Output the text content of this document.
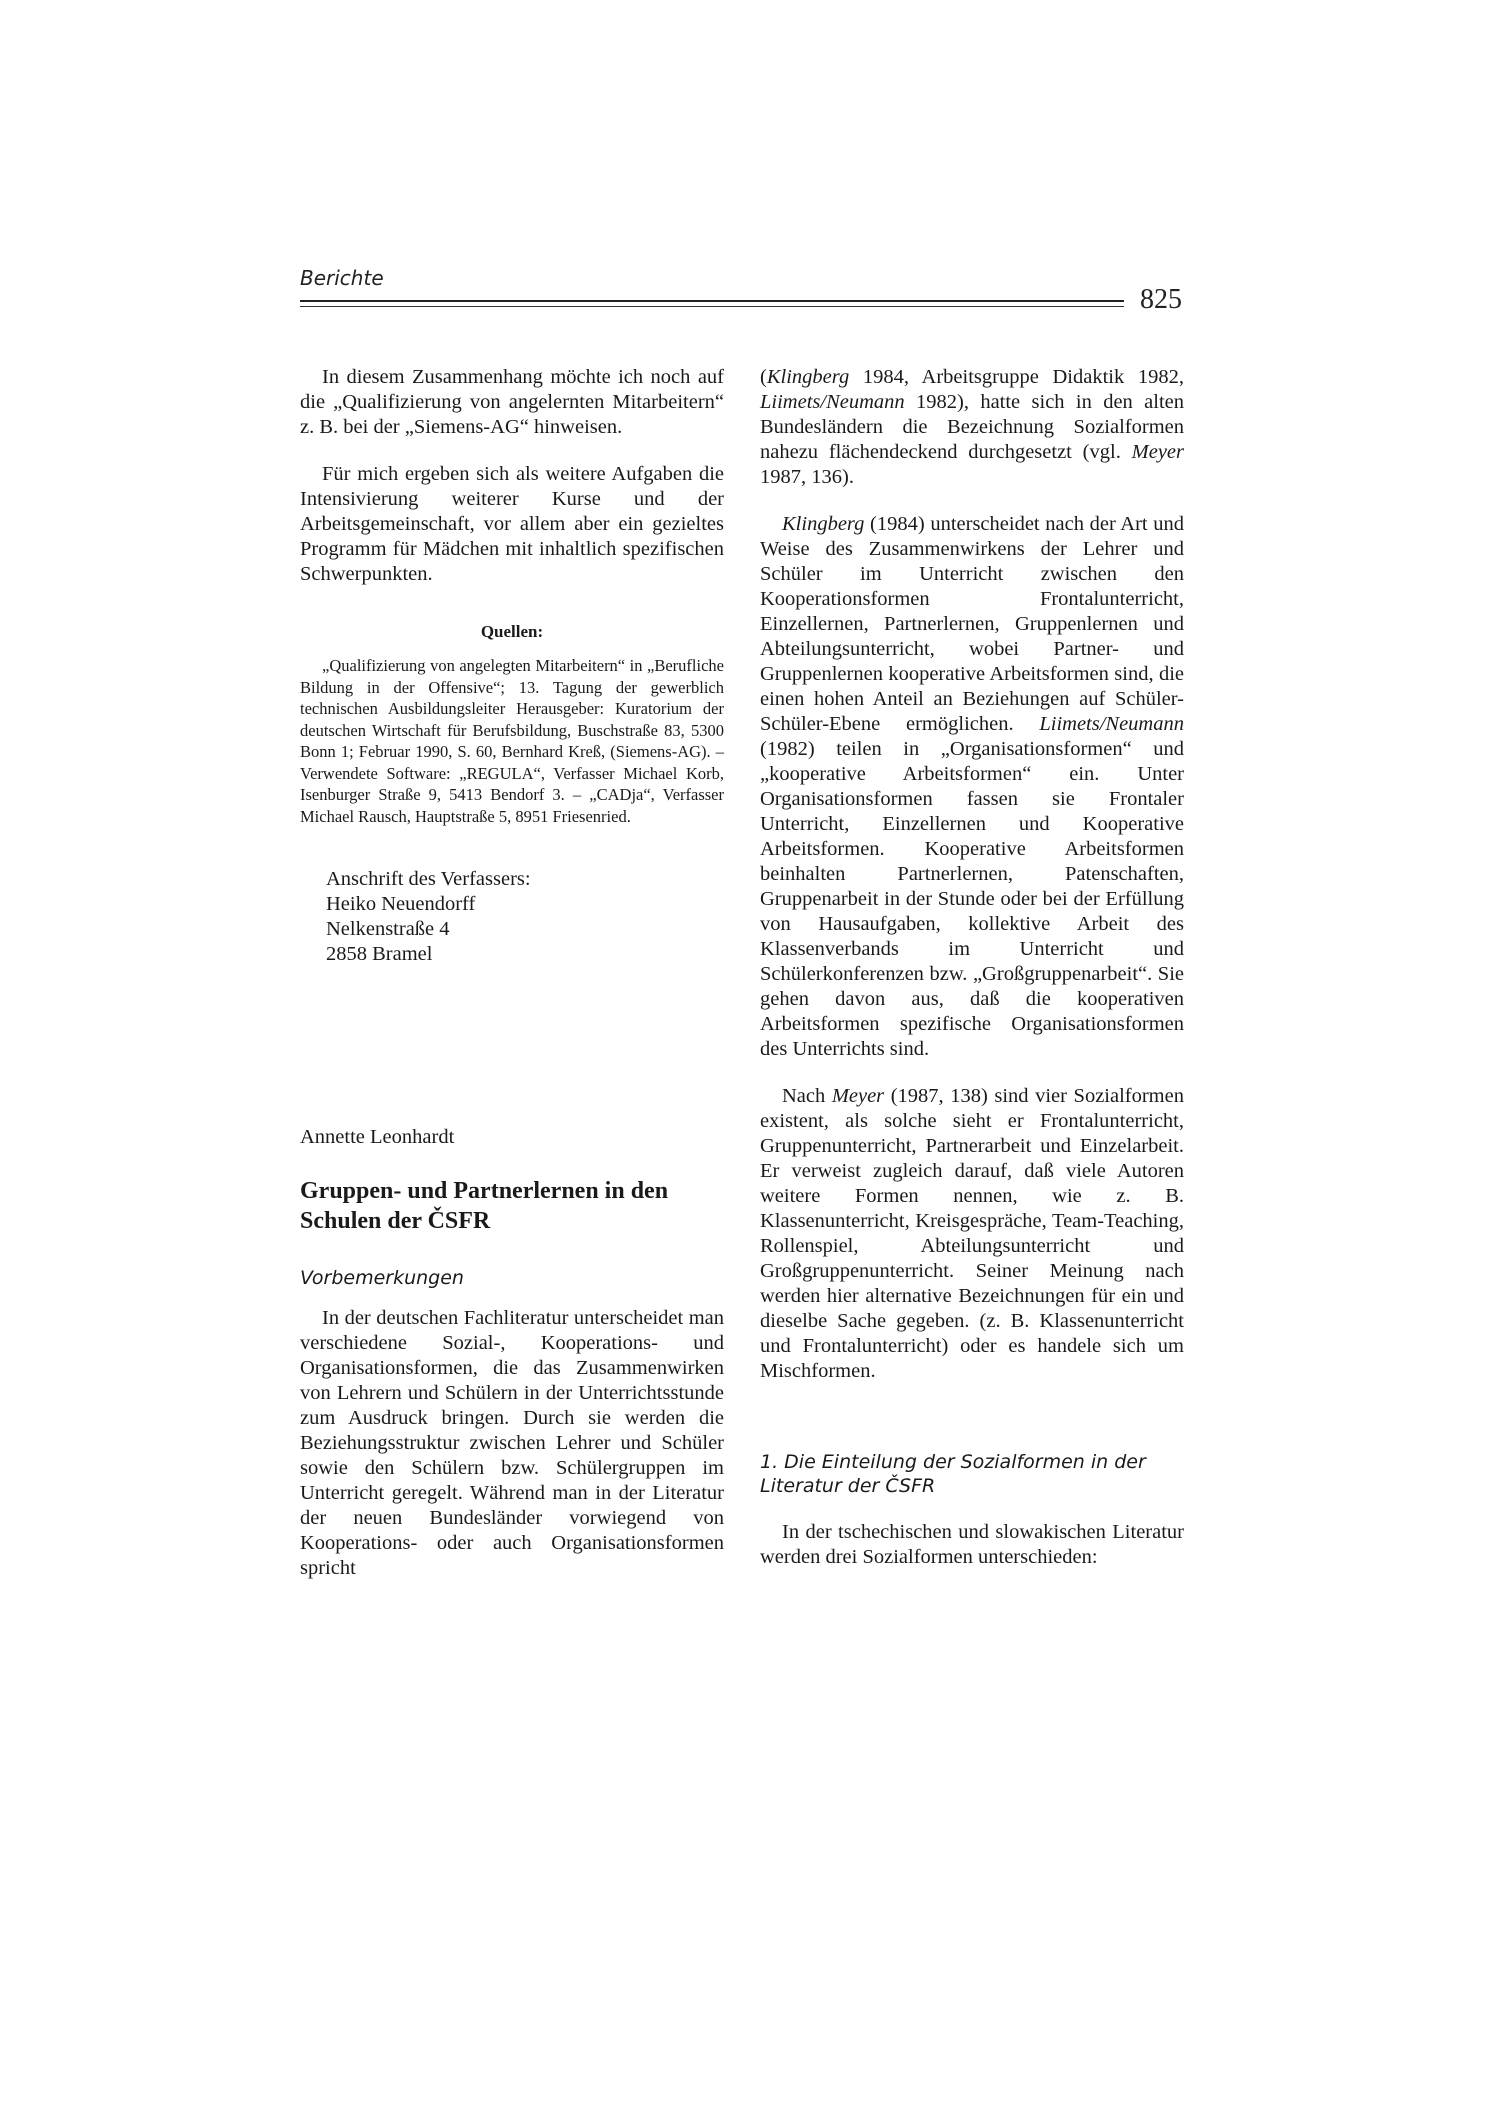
Berichte
825

In diesem Zusammenhang möchte ich noch auf die „Qualifizierung von angelernten Mitarbeitern“ z. B. bei der „Siemens-AG“ hinweisen.

Für mich ergeben sich als weitere Aufgaben die Intensivierung weiterer Kurse und der Arbeitsgemeinschaft, vor allem aber ein gezieltes Programm für Mädchen mit inhaltlich spezifischen Schwerpunkten.

Quellen:

„Qualifizierung von angelegten Mitarbeitern“ in „Berufliche Bildung in der Offensive“; 13. Tagung der gewerblich technischen Ausbildungsleiter Herausgeber: Kuratorium der deutschen Wirtschaft für Berufsbildung, Buschstraße 83, 5300 Bonn 1; Februar 1990, S. 60, Bernhard Kreß, (Siemens-AG). – Verwendete Software: „REGULA“, Verfasser Michael Korb, Isenburger Straße 9, 5413 Bendorf 3. – „CADja“, Verfasser Michael Rausch, Hauptstraße 5, 8951 Friesenried.

Anschrift des Verfassers:
Heiko Neuendorff
Nelkenstraße 4
2858 Bramel
Annette Leonhardt
Gruppen- und Partnerlernen in den Schulen der ČSFR
Vorbemerkungen

In der deutschen Fachliteratur unterscheidet man verschiedene Sozial-, Kooperations- und Organisationsformen, die das Zusammenwirken von Lehrern und Schülern in der Unterrichtsstunde zum Ausdruck bringen. Durch sie werden die Beziehungsstruktur zwischen Lehrer und Schüler sowie den Schülern bzw. Schülergruppen im Unterricht geregelt. Während man in der Literatur der neuen Bundesländer vorwiegend von Kooperations- oder auch Organisationsformen spricht

(Klingberg 1984, Arbeitsgruppe Didaktik 1982, Liimets/Neumann 1982), hatte sich in den alten Bundesländern die Bezeichnung Sozialformen nahezu flächendeckend durchgesetzt (vgl. Meyer 1987, 136).

Klingberg (1984) unterscheidet nach der Art und Weise des Zusammenwirkens der Lehrer und Schüler im Unterricht zwischen den Kooperationsformen Frontalunterricht, Einzellernen, Partnerlernen, Gruppenlernen und Abteilungsunterricht, wobei Partner- und Gruppenlernen kooperative Arbeitsformen sind, die einen hohen Anteil an Beziehungen auf Schüler-Schüler-Ebene ermöglichen. Liimets/Neumann (1982) teilen in „Organisationsformen“ und „kooperative Arbeitsformen“ ein. Unter Organisationsformen fassen sie Frontaler Unterricht, Einzellernen und Kooperative Arbeitsformen. Kooperative Arbeitsformen beinhalten Partnerlernen, Patenschaften, Gruppenarbeit in der Stunde oder bei der Erfüllung von Hausaufgaben, kollektive Arbeit des Klassenverbands im Unterricht und Schülerkonferenzen bzw. „Großgruppenarbeit“. Sie gehen davon aus, daß die kooperativen Arbeitsformen spezifische Organisationsformen des Unterrichts sind.

Nach Meyer (1987, 138) sind vier Sozialformen existent, als solche sieht er Frontalunterricht, Gruppenunterricht, Partnerarbeit und Einzelarbeit. Er verweist zugleich darauf, daß viele Autoren weitere Formen nennen, wie z. B. Klassenunterricht, Kreisgespräche, Team-Teaching, Rollenspiel, Abteilungsunterricht und Großgruppenunterricht. Seiner Meinung nach werden hier alternative Bezeichnungen für ein und dieselbe Sache gegeben. (z. B. Klassenunterricht und Frontalunterricht) oder es handele sich um Mischformen.

1. Die Einteilung der Sozialformen in der Literatur der ČSFR

In der tschechischen und slowakischen Literatur werden drei Sozialformen unterschieden:
